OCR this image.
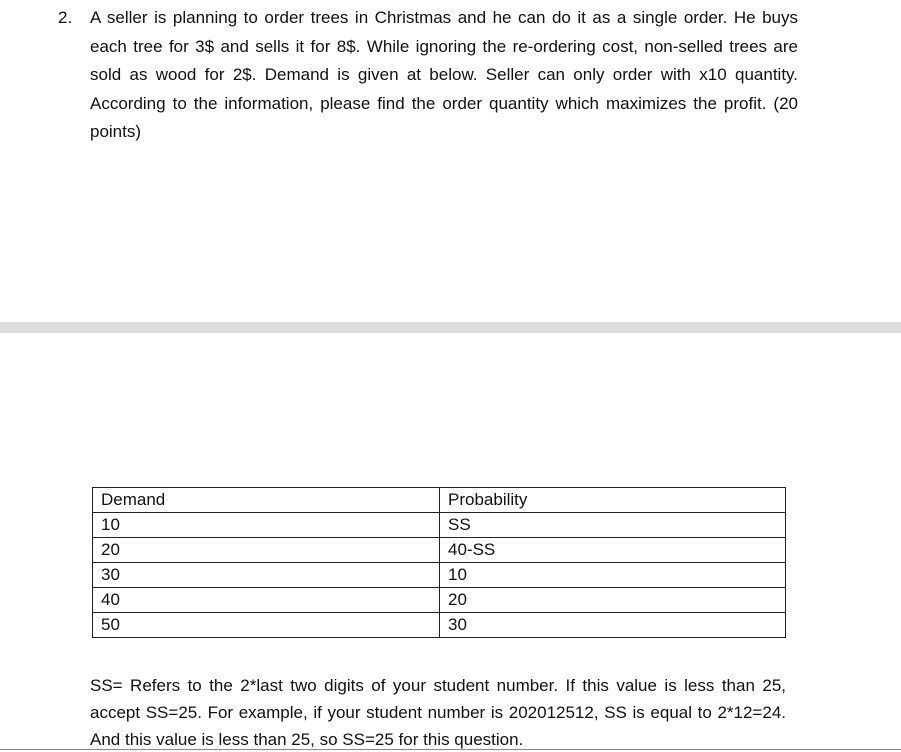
2. A seller is planning to order trees in Christmas and he can do it as a single order. He buys each tree for 3$ and sells it for 8$. While ignoring the re-ordering cost, non-selled trees are sold as wood for 2$. Demand is given at below. Seller can only order with x10 quantity. According to the information, please find the order quantity which maximizes the profit. (20 points)
Demand	Probability
10	SS
20	40-SS
30	10
40	20
50	30
SS= Refers to the 2*last two digits of your student number. If this value is less than 25, accept SS=25. For example, if your student number is 202012512, SS is equal to 2*12=24. And this value is less than 25, so SS=25 for this question.
